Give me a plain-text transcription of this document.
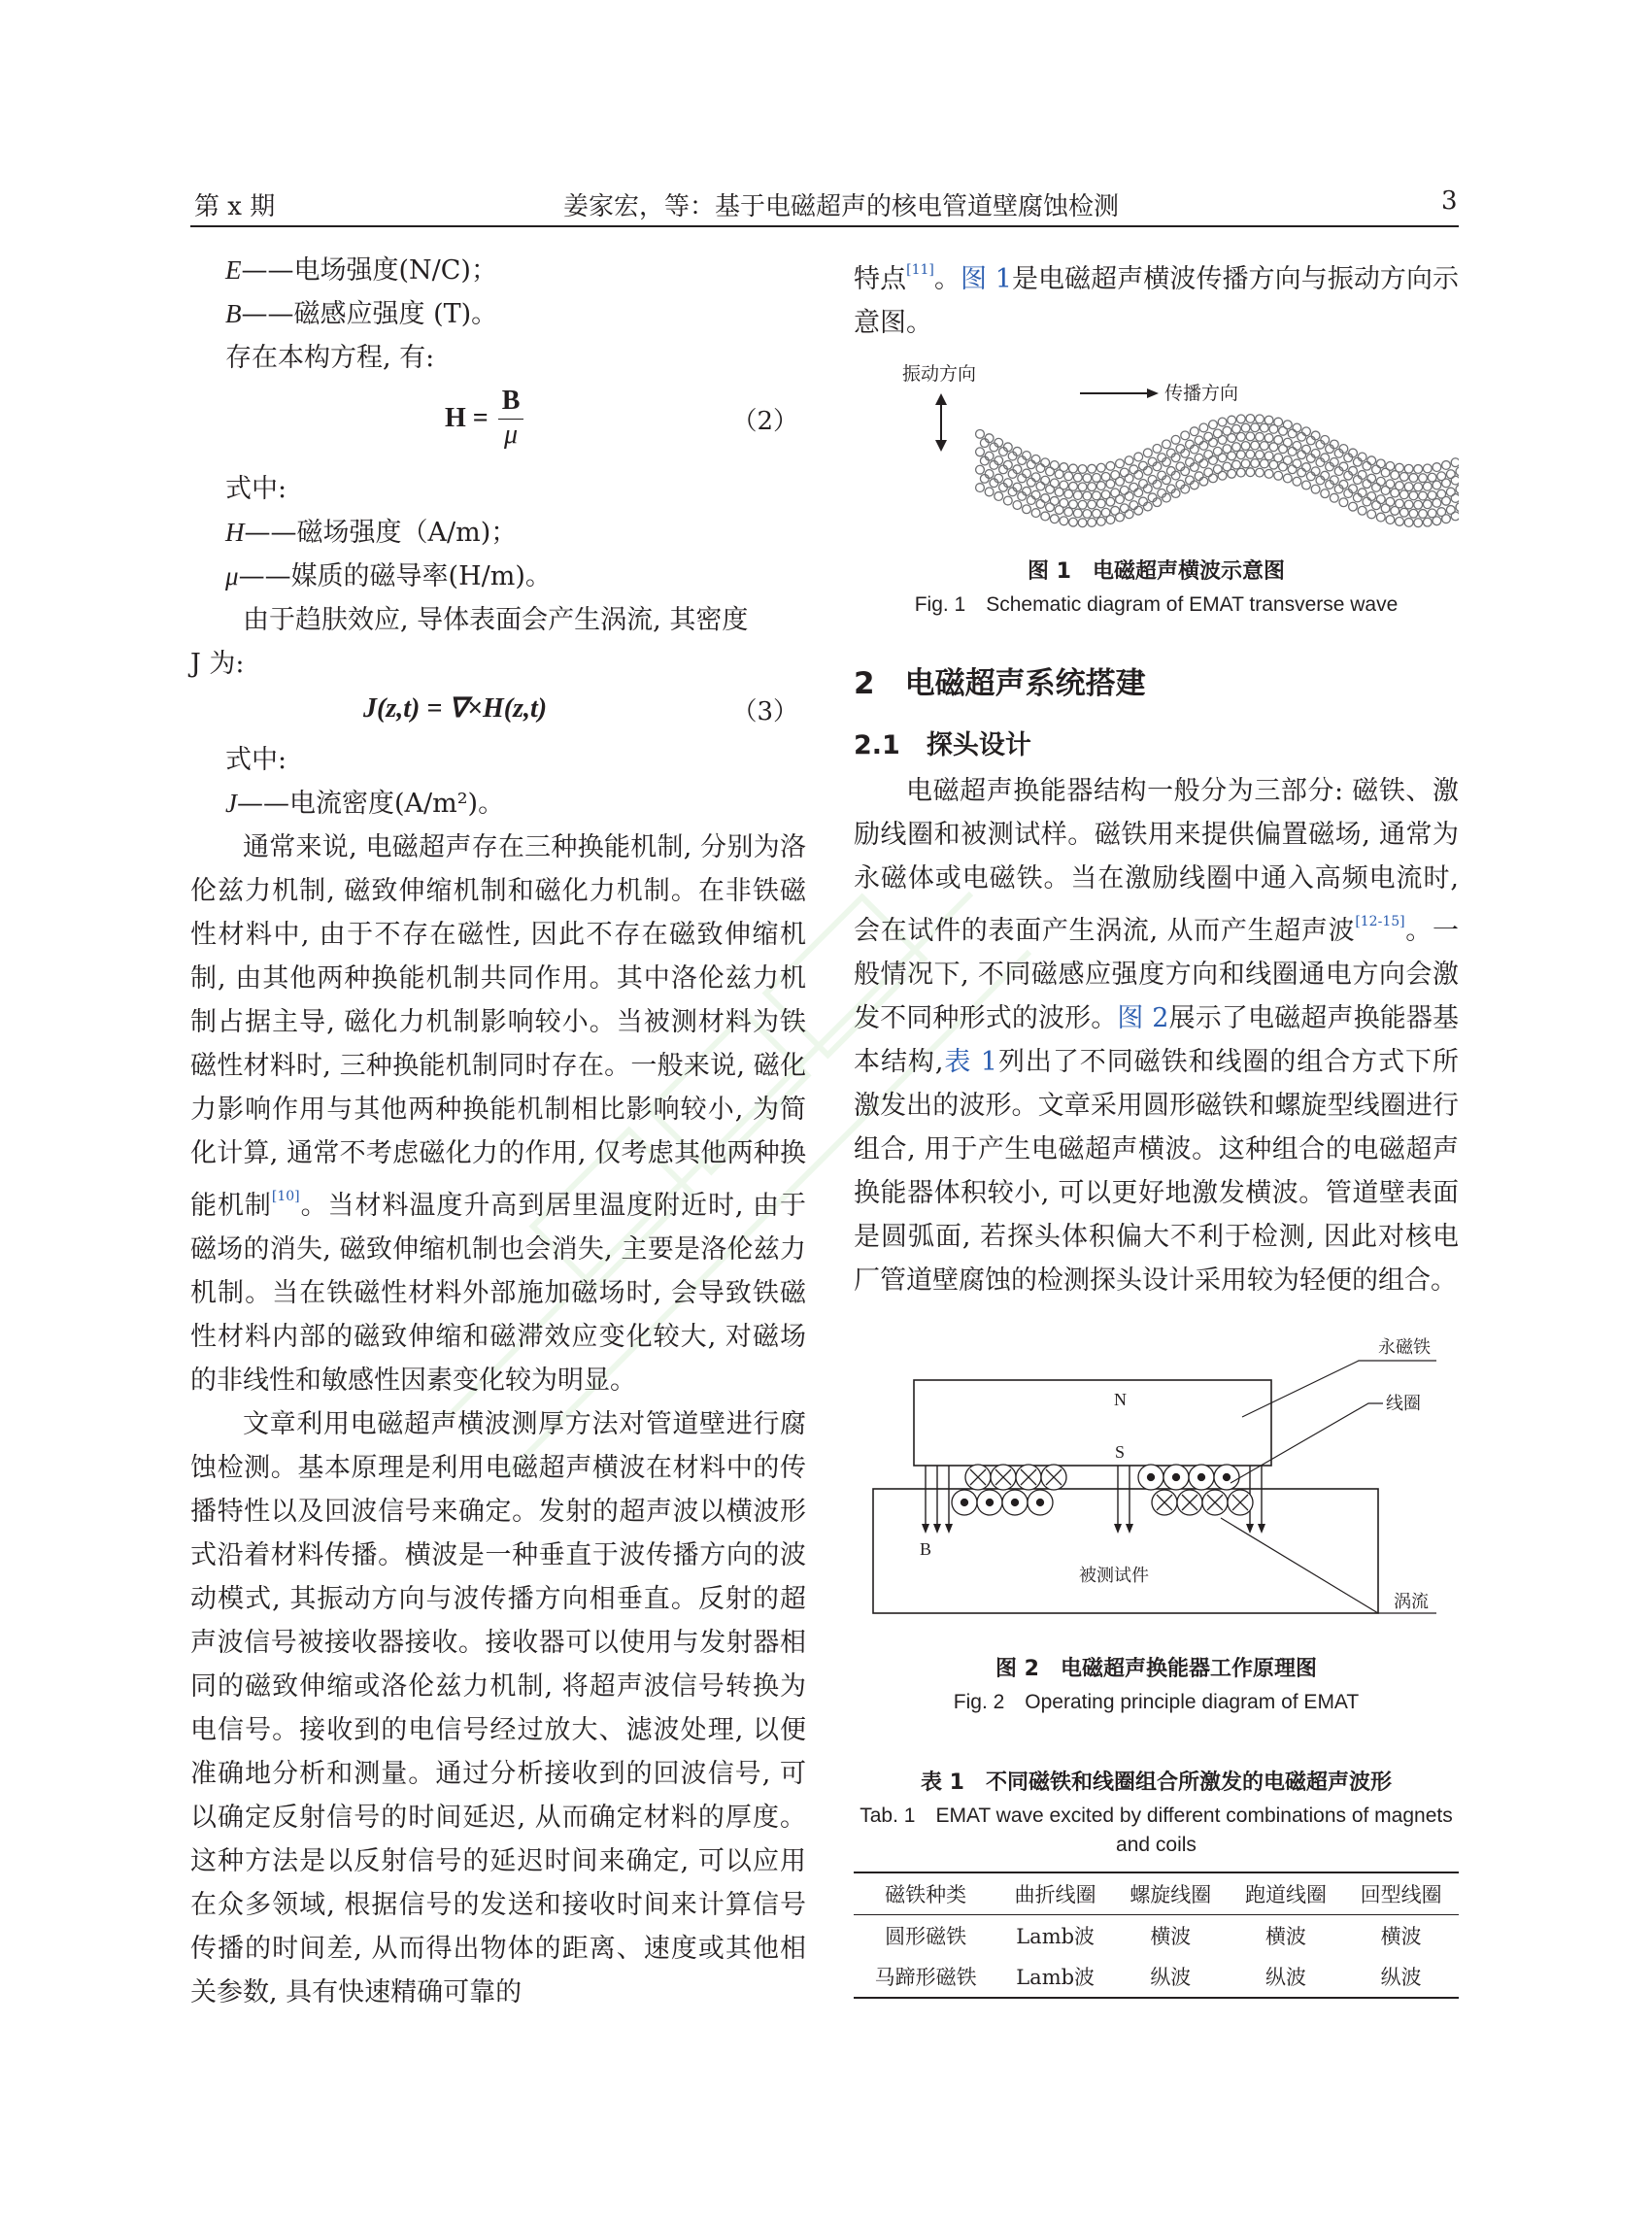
第 x 期	姜家宏，等：基于电磁超声的核电管道壁腐蚀检测	3

E——电场强度(N/C)；

B——磁感应强度 (T)。

存在本构方程, 有:

$H = \frac{B}{\mu}$	（2）

式中:

H——磁场强度（A/m)；

μ——媒质的磁导率(H/m)。

由于趋肤效应, 导体表面会产生涡流, 其密度

J 为:

J(z,t) = ∇×H(z,t)	（3）

式中:

J——电流密度(A/m²)。

通常来说, 电磁超声存在三种换能机制, 分别为洛伦兹力机制, 磁致伸缩机制和磁化力机制。在非铁磁性材料中, 由于不存在磁性, 因此不存在磁致伸缩机制, 由其他两种换能机制共同作用。其中洛伦兹力机制占据主导, 磁化力机制影响较小。当被测材料为铁磁性材料时, 三种换能机制同时存在。一般来说, 磁化力影响作用与其他两种换能机制相比影响较小, 为简化计算, 通常不考虑磁化力的作用, 仅考虑其他两种换能机制[10]。当材料温度升高到居里温度附近时, 由于磁场的消失, 磁致伸缩机制也会消失, 主要是洛伦兹力机制。当在铁磁性材料外部施加磁场时, 会导致铁磁性材料内部的磁致伸缩和磁滞效应变化较大, 对磁场的非线性和敏感性因素变化较为明显。

文章利用电磁超声横波测厚方法对管道壁进行腐蚀检测。基本原理是利用电磁超声横波在材料中的传播特性以及回波信号来确定。发射的超声波以横波形式沿着材料传播。横波是一种垂直于波传播方向的波动模式, 其振动方向与波传播方向相垂直。反射的超声波信号被接收器接收。接收器可以使用与发射器相同的磁致伸缩或洛伦兹力机制, 将超声波信号转换为电信号。接收到的电信号经过放大、滤波处理, 以便准确地分析和测量。通过分析接收到的回波信号, 可以确定反射信号的时间延迟, 从而确定材料的厚度。这种方法是以反射信号的延迟时间来确定, 可以应用在众多领域, 根据信号的发送和接收时间来计算信号传播的时间差, 从而得出物体的距离、速度或其他相关参数, 具有快速精确可靠的

特点[11]。图 1是电磁超声横波传播方向与振动方向示意图。

振动方向
传播方向
图 1　电磁超声横波示意图
Fig. 1　Schematic diagram of EMAT transverse wave
2　电磁超声系统搭建
2.1　探头设计

电磁超声换能器结构一般分为三部分: 磁铁、激励线圈和被测试样。磁铁用来提供偏置磁场, 通常为永磁体或电磁铁。当在激励线圈中通入高频电流时, 会在试件的表面产生涡流, 从而产生超声波[12-15]。一般情况下, 不同磁感应强度方向和线圈通电方向会激发不同种形式的波形。图 2展示了电磁超声换能器基本结构,表 1列出了不同磁铁和线圈的组合方式下所激发出的波形。文章采用圆形磁铁和螺旋型线圈进行组合, 用于产生电磁超声横波。这种组合的电磁超声换能器体积较小, 可以更好地激发横波。管道壁表面是圆弧面, 若探头体积偏大不利于检测, 因此对核电厂管道壁腐蚀的检测探头设计采用较为轻便的组合。

被测试件
N
S
B
永磁铁
线圈
涡流
图 2　电磁超声换能器工作原理图
Fig. 2　Operating principle diagram of EMAT
表 1　不同磁铁和线圈组合所激发的电磁超声波形
Tab. 1　EMAT wave excited by different combinations of magnets
and coils
磁铁种类	曲折线圈	螺旋线圈	跑道线圈	回型线圈
圆形磁铁	Lamb波	横波	横波	横波
马蹄形磁铁	Lamb波	纵波	纵波	纵波
